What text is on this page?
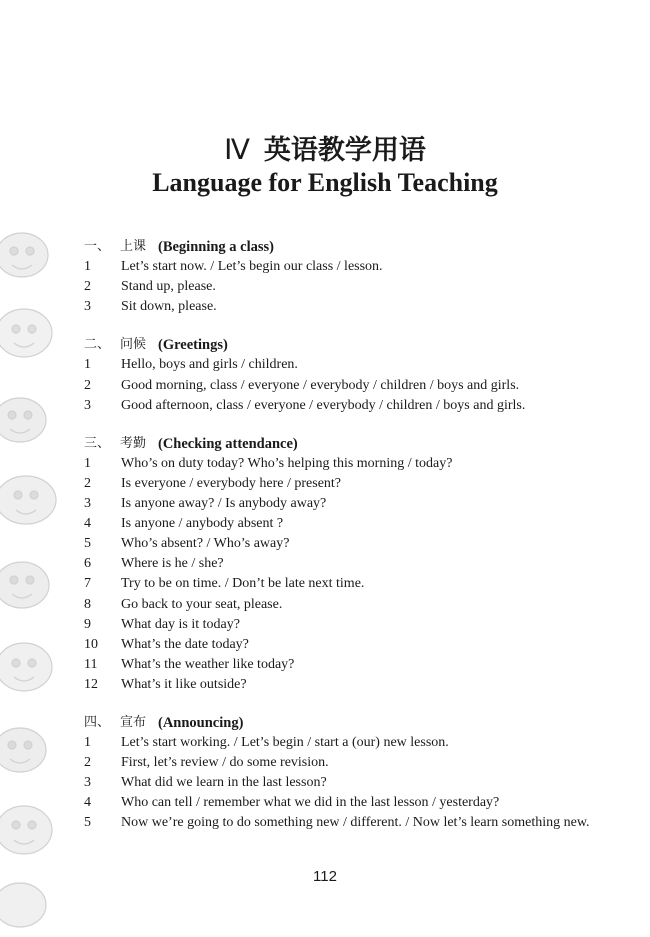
Ⅳ 英语教学用语
Language for English Teaching
一、 上课 (Beginning a class)
1 Let’s start now. / Let’s begin our class / lesson.
2 Stand up, please.
3 Sit down, please.
二、 问候 (Greetings)
1 Hello, boys and girls / children.
2 Good morning, class / everyone / everybody / children / boys and girls.
3 Good afternoon, class / everyone / everybody / children / boys and girls.
三、 考勤 (Checking attendance)
1 Who’s on duty today? Who’s helping this morning / today?
2 Is everyone / everybody here / present?
3 Is anyone away? / Is anybody away?
4 Is anyone / anybody absent ?
5 Who’s absent? / Who’s away?
6 Where is he / she?
7 Try to be on time. / Don’t be late next time.
8 Go back to your seat, please.
9 What day is it today?
10 What’s the date today?
11 What’s the weather like today?
12 What’s it like outside?
四、 宣布 (Announcing)
1 Let’s start working. / Let’s begin / start a (our) new lesson.
2 First, let’s review / do some revision.
3 What did we learn in the last lesson?
4 Who can tell / remember what we did in the last lesson / yesterday?
5 Now we’re going to do something new / different. / Now let’s learn something new.
112
